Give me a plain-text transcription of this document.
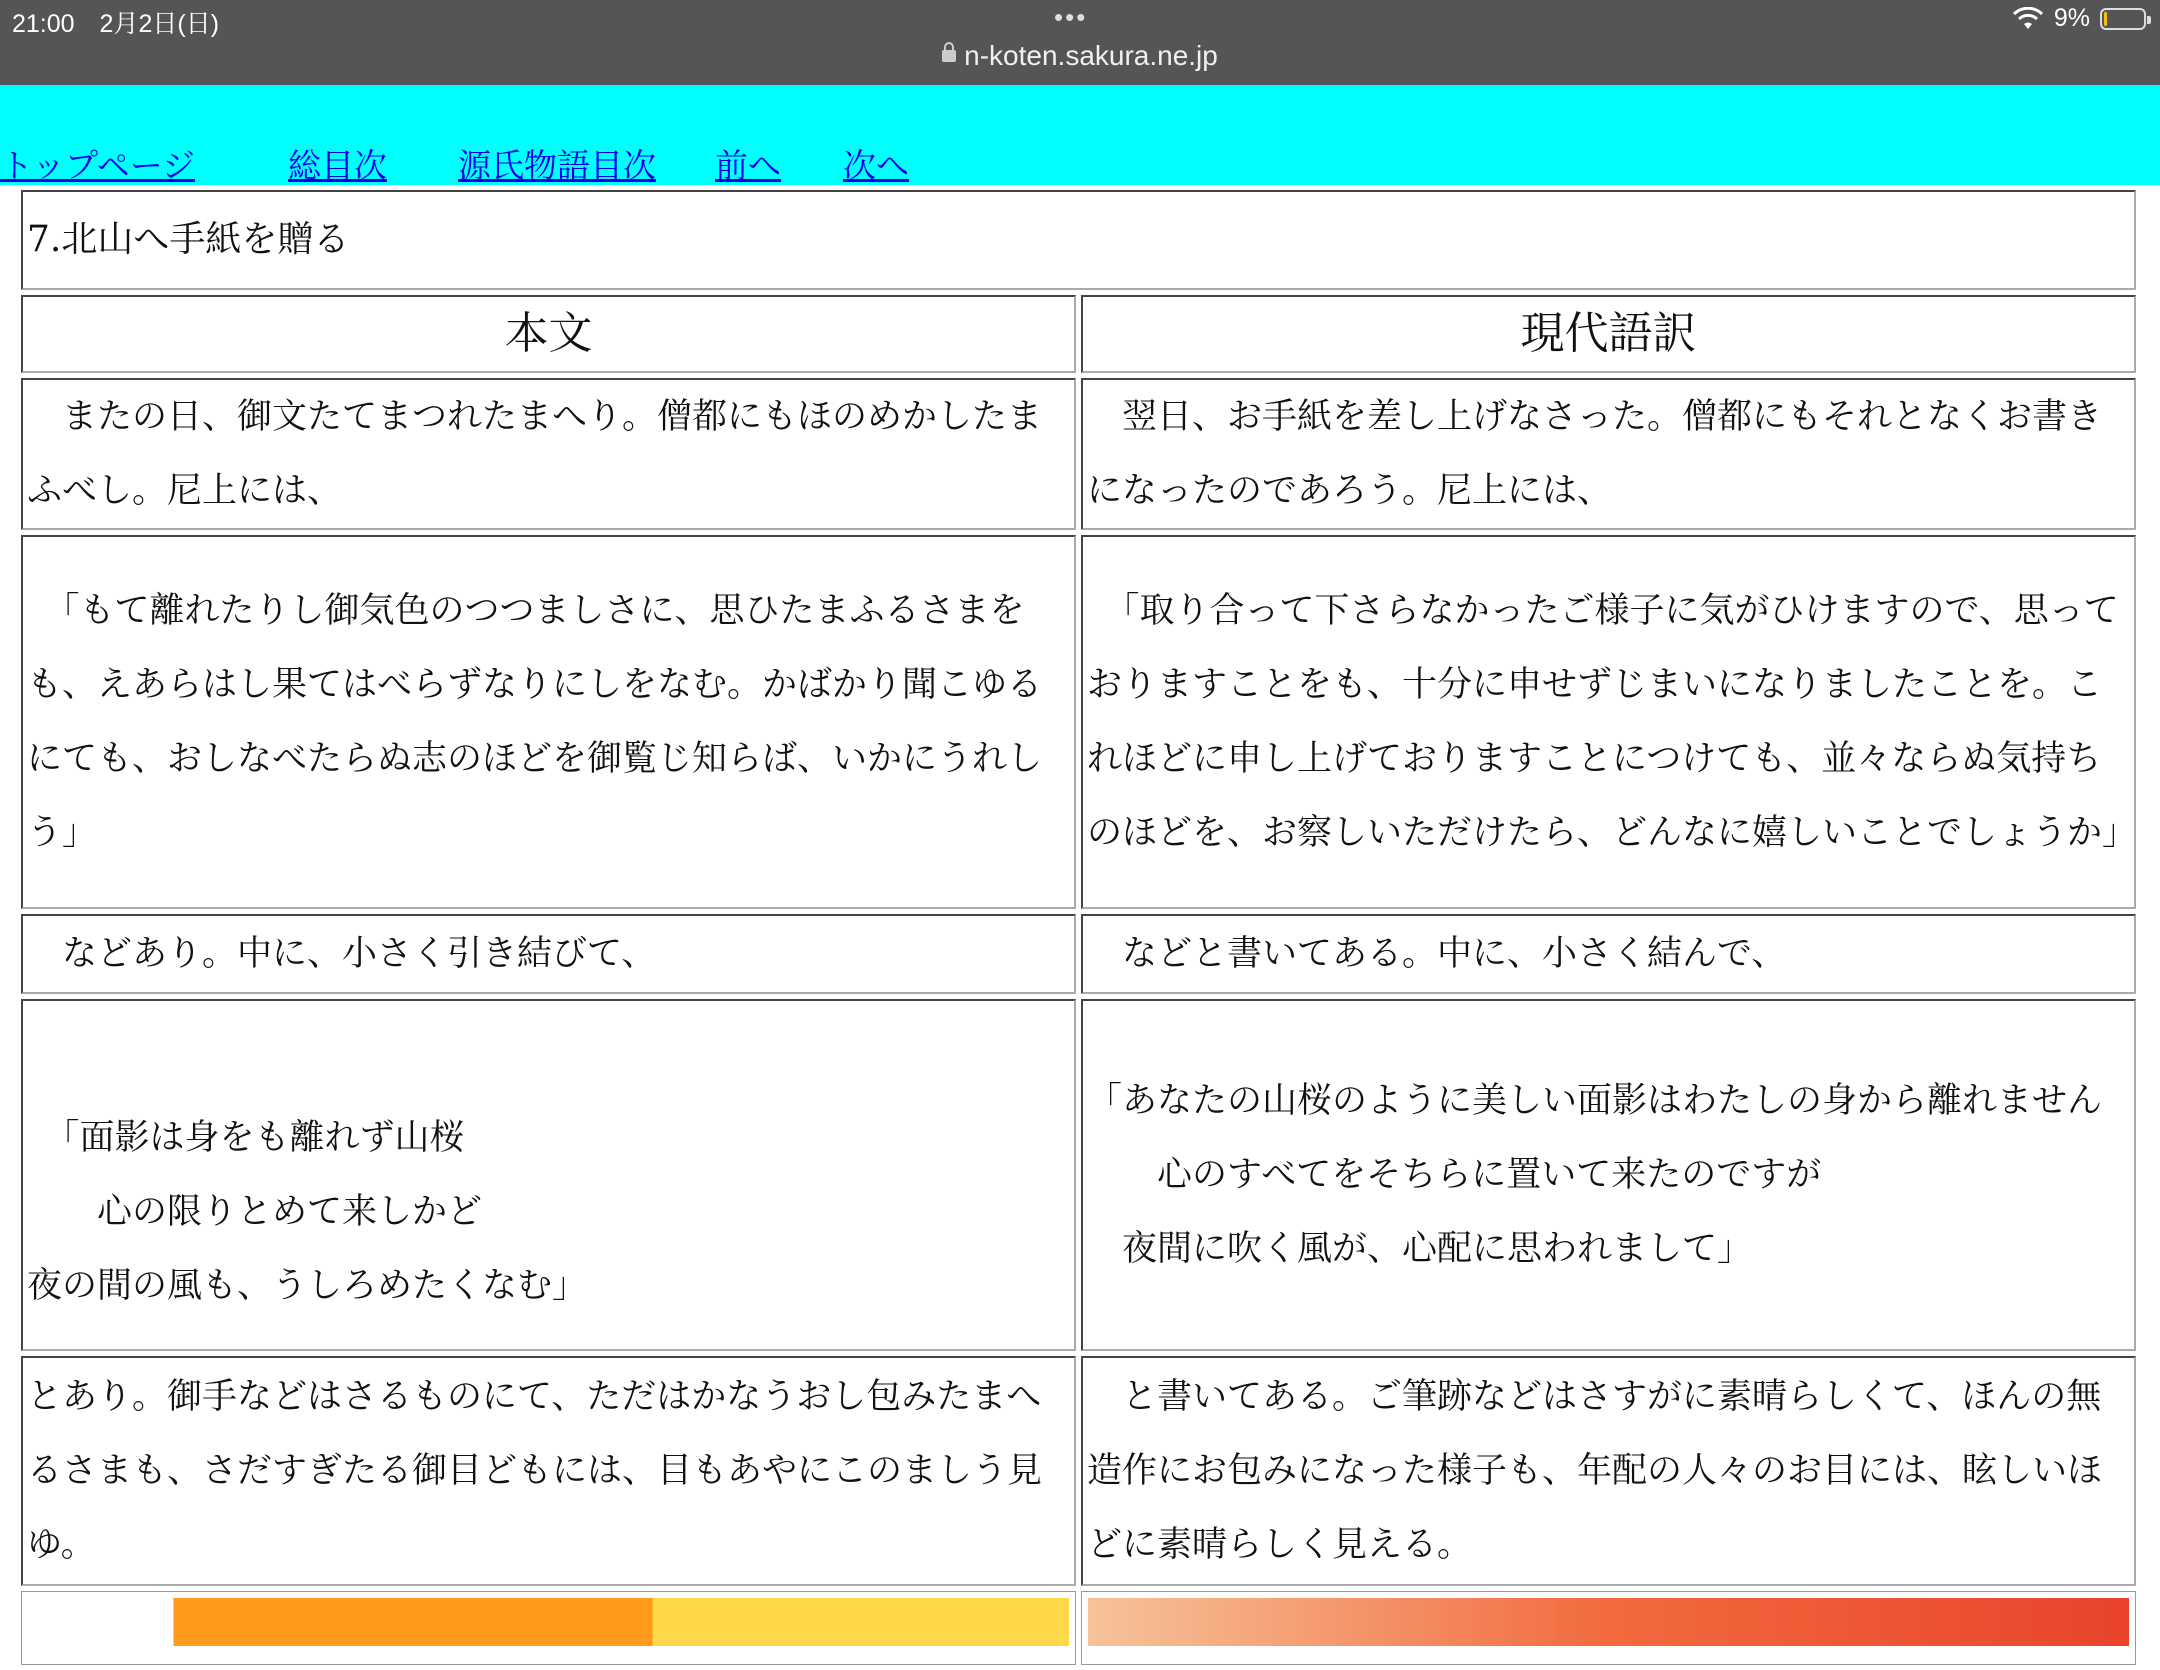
21:00　2月2日(日)	•••	9%
n-koten.sakura.ne.jp
トップページ	総目次 源氏物語目次 前へ 次へ
7.北山へ手紙を贈る	
本文	現代語訳

　またの日、御文たてまつれたまへり。僧都にもほのめかしたまふべし。尼上には、	　翌日、お手紙を差し上げなさった。僧都にもそれとなくお書きになったのであろう。尼上には、

　「もて離れたりし御気色のつつましさに、思ひたまふるさまをも、えあらはし果てはべらずなりにしをなむ。かばかり聞こゆるにても、おしなべたらぬ志のほどを御覧じ知らば、いかにうれしう」	　「取り合って下さらなかったご様子に気がひけますので、思っておりますことをも、十分に申せずじまいになりましたことを。これほどに申し上げておりますことにつけても、並々ならぬ気持ちのほどを、お察しいただけたら、どんなに嬉しいことでしょうか」

　などあり。中に、小さく引き結びて、	　などと書いてある。中に、小さく結んで、

　「面影は身をも離れず山桜
　　心の限りとめて来しかど
夜の間の風も、うしろめたくなむ」	「あなたの山桜のように美しい面影はわたしの身から離れません
　　心のすべてをそちらに置いて来たのですが
　夜間に吹く風が、心配に思われまして」

とあり。御手などはさるものにて、ただはかなうおし包みたまへるさまも、さだすぎたる御目どもには、目もあやにこのましう見ゆ。	　と書いてある。ご筆跡などはさすがに素晴らしくて、ほんの無造作にお包みになった様子も、年配の人々のお目には、眩しいほどに素晴らしく見える。
